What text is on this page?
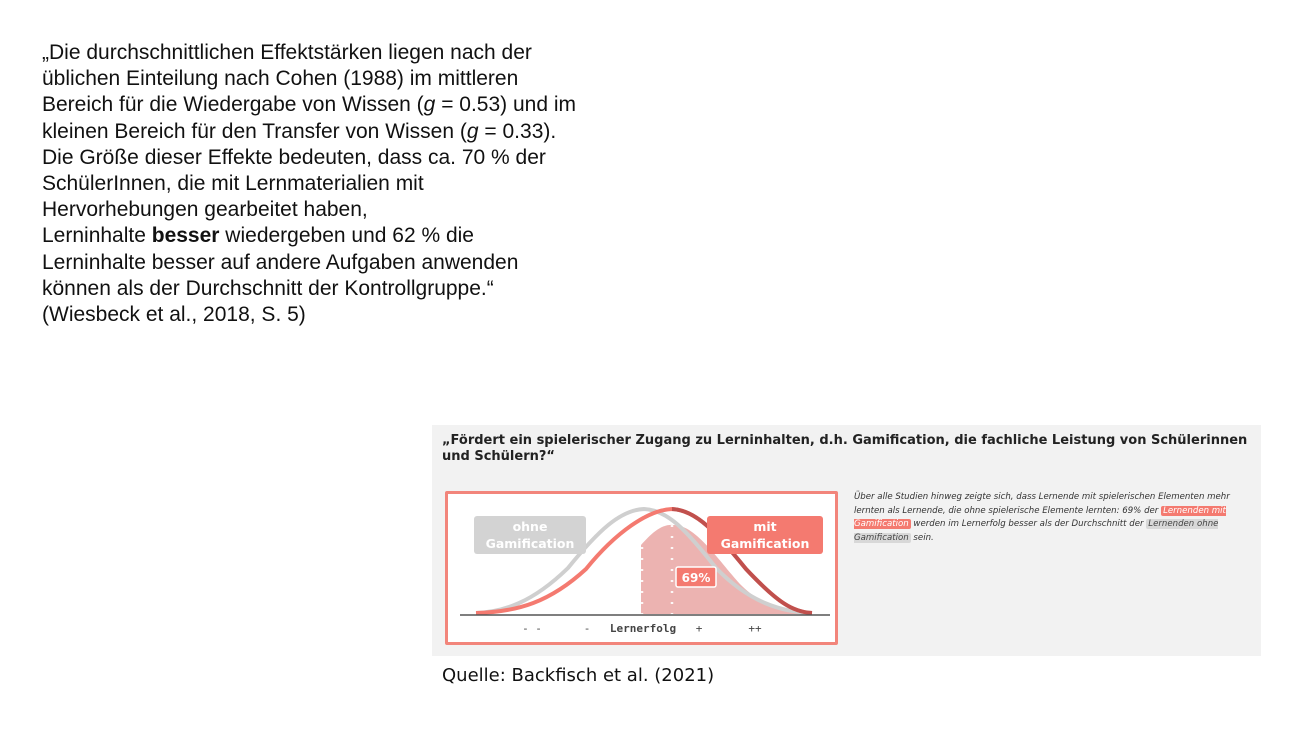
„Die durchschnittlichen Effektstärken liegen nach der
üblichen Einteilung nach Cohen (1988) im mittleren
Bereich für die Wiedergabe von Wissen (g = 0.53) und im
kleinen Bereich für den Transfer von Wissen (g = 0.33).
Die Größe dieser Effekte bedeuten, dass ca. 70 % der
SchülerInnen, die mit Lernmaterialien mit
Hervorhebungen gearbeitet haben,
Lerninhalte besser wiedergeben und 62 % die
Lerninhalte besser auf andere Aufgaben anwenden
können als der Durchschnitt der Kontrollgruppe.“
(Wiesbeck et al., 2018, S. 5)
„Fördert ein spielerischer Zugang zu Lerninhalten, d.h. Gamification, die fachliche Leistung von Schülerinnen und Schülern?“
ohne
Gamification
mit
Gamification
69%
- -	- Lernerfolg +	++
Über alle Studien hinweg zeigte sich, dass Lernende mit spielerischen Elementen mehr lernten als Lernende, die ohne spielerische Elemente lernten: 69% der Lernenden mit Gamification werden im Lernerfolg besser als der Durchschnitt der Lernenden ohne Gamification sein.
Quelle: Backfisch et al. (2021)
